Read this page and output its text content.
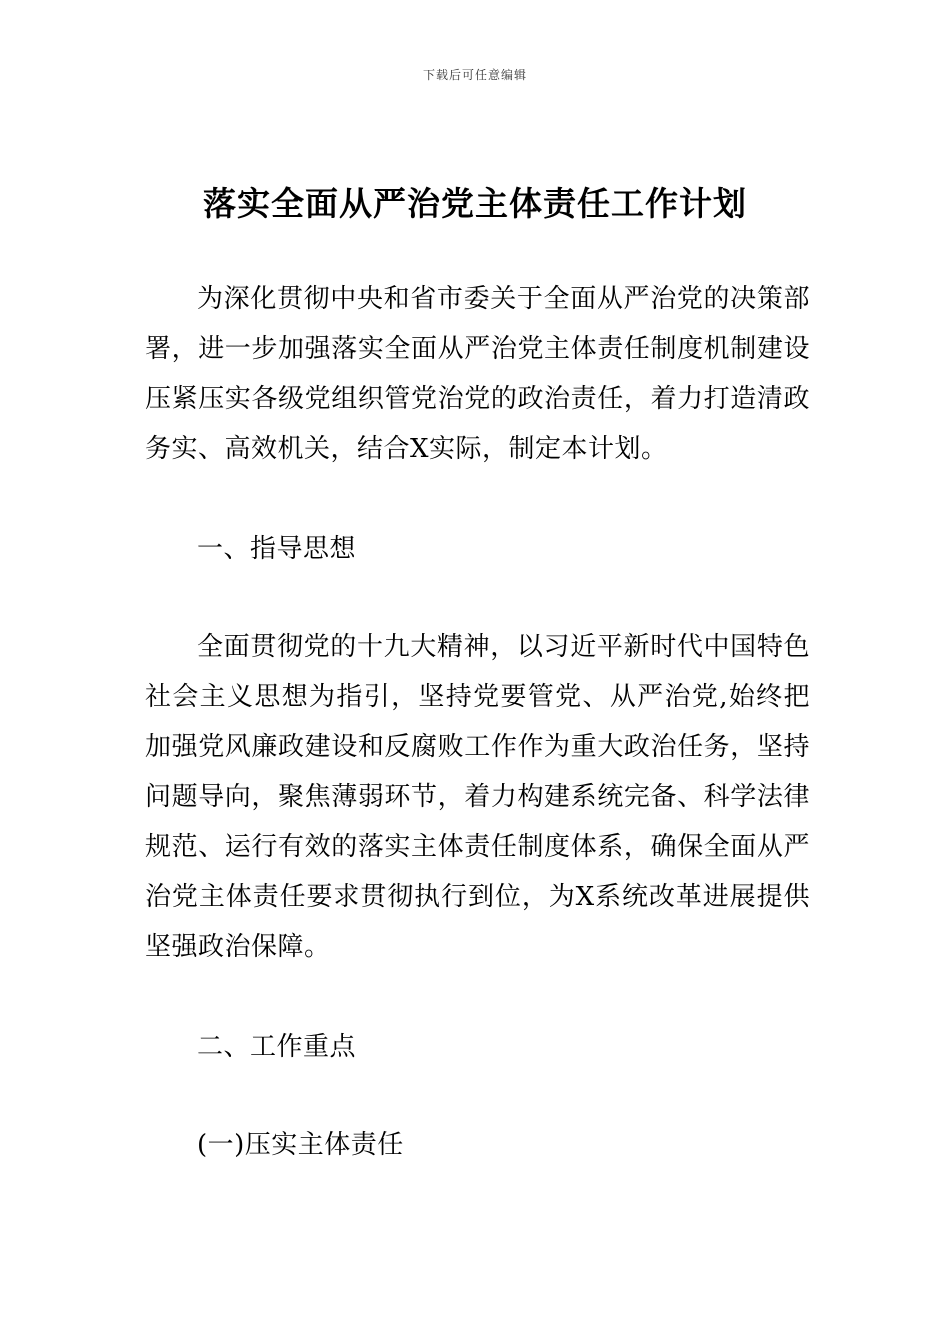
下载后可任意编辑
落实全面从严治党主体责任工作计划

为深化贯彻中央和省市委关于全面从严治党的决策部署，进一步加强落实全面从严治党主体责任制度机制建设压紧压实各级党组织管党治党的政治责任，着力打造清政务实、高效机关，结合X实际，制定本计划。

一、指导思想

全面贯彻党的十九大精神，以习近平新时代中国特色社会主义思想为指引，坚持党要管党、从严治党,始终把加强党风廉政建设和反腐败工作作为重大政治任务，坚持问题导向，聚焦薄弱环节，着力构建系统完备、科学法律规范、运行有效的落实主体责任制度体系，确保全面从严治党主体责任要求贯彻执行到位，为X系统改革进展提供坚强政治保障。

二、工作重点

(一)压实主体责任
